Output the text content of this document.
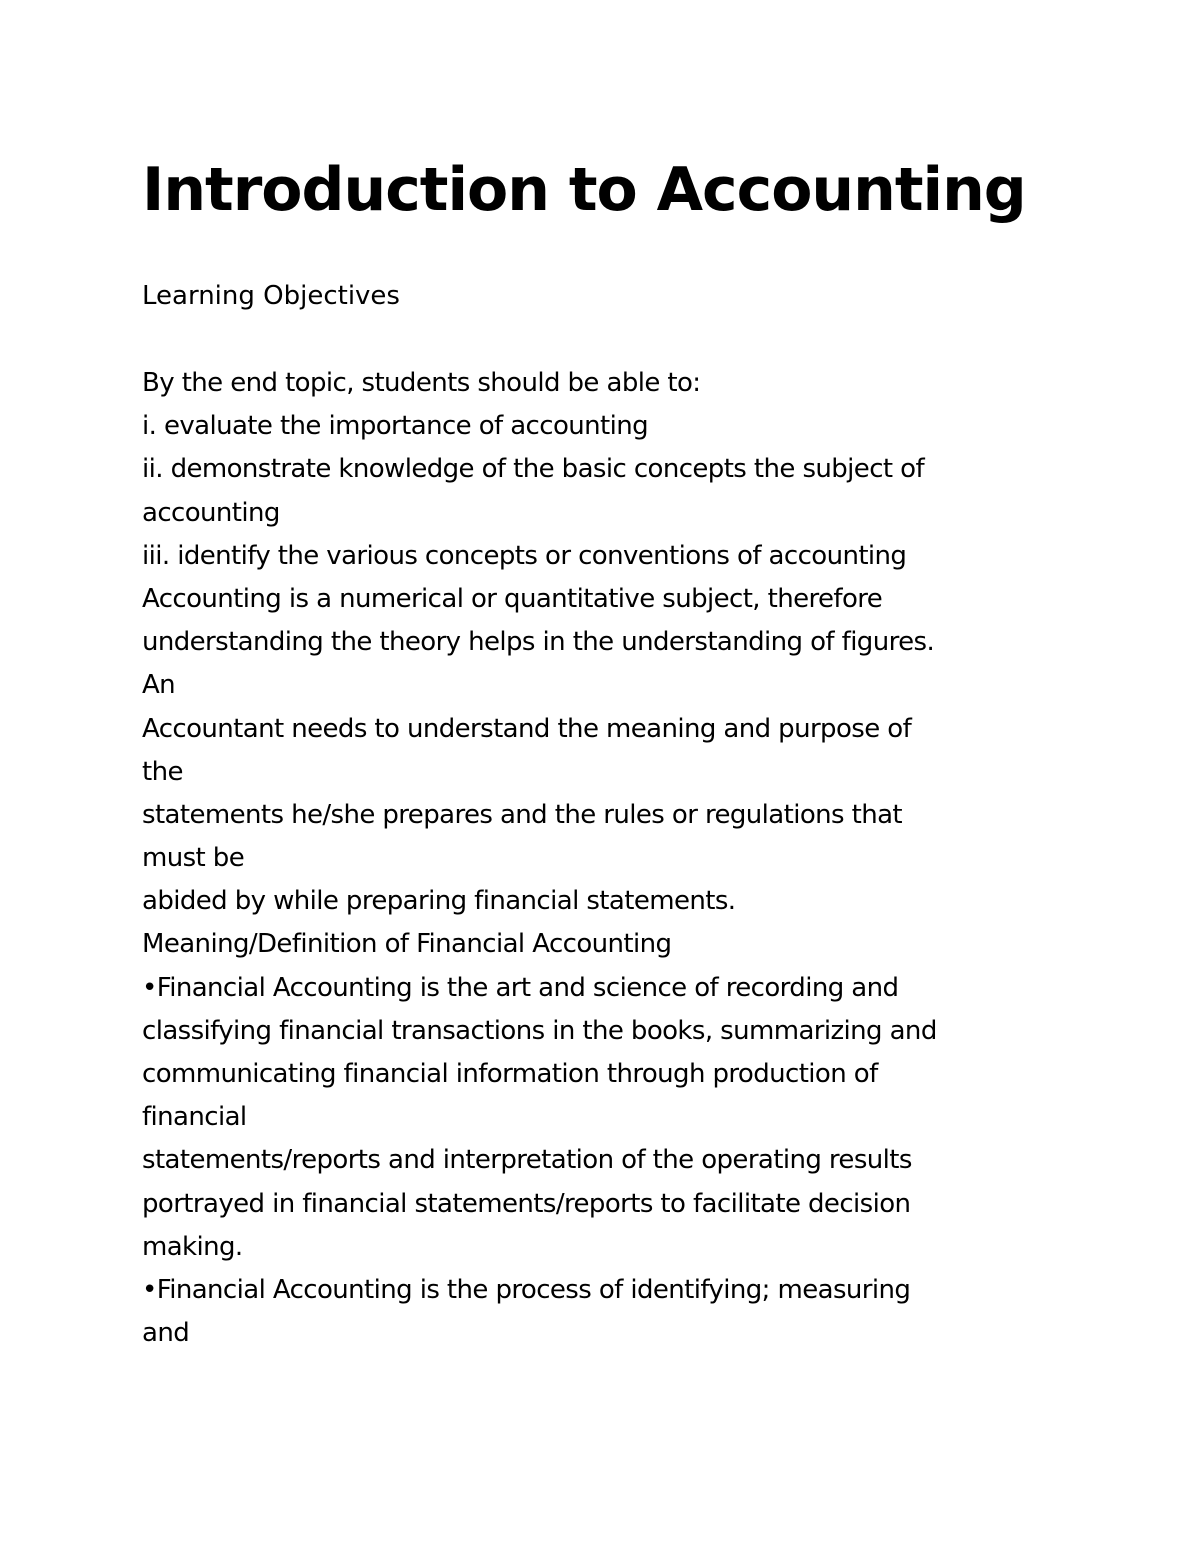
Introduction to Accounting
Learning Objectives
By the end topic, students should be able to:
i. evaluate the importance of accounting
ii. demonstrate knowledge of the basic concepts the subject of
accounting
iii. identify the various concepts or conventions of accounting
Accounting is a numerical or quantitative subject, therefore
understanding the theory helps in the understanding of figures.
An
Accountant needs to understand the meaning and purpose of
the
statements he/she prepares and the rules or regulations that
must be
abided by while preparing financial statements.
Meaning/Definition of Financial Accounting
•Financial Accounting is the art and science of recording and
classifying financial transactions in the books, summarizing and
communicating financial information through production of
financial
statements/reports and interpretation of the operating results
portrayed in financial statements/reports to facilitate decision
making.
•Financial Accounting is the process of identifying; measuring
and
